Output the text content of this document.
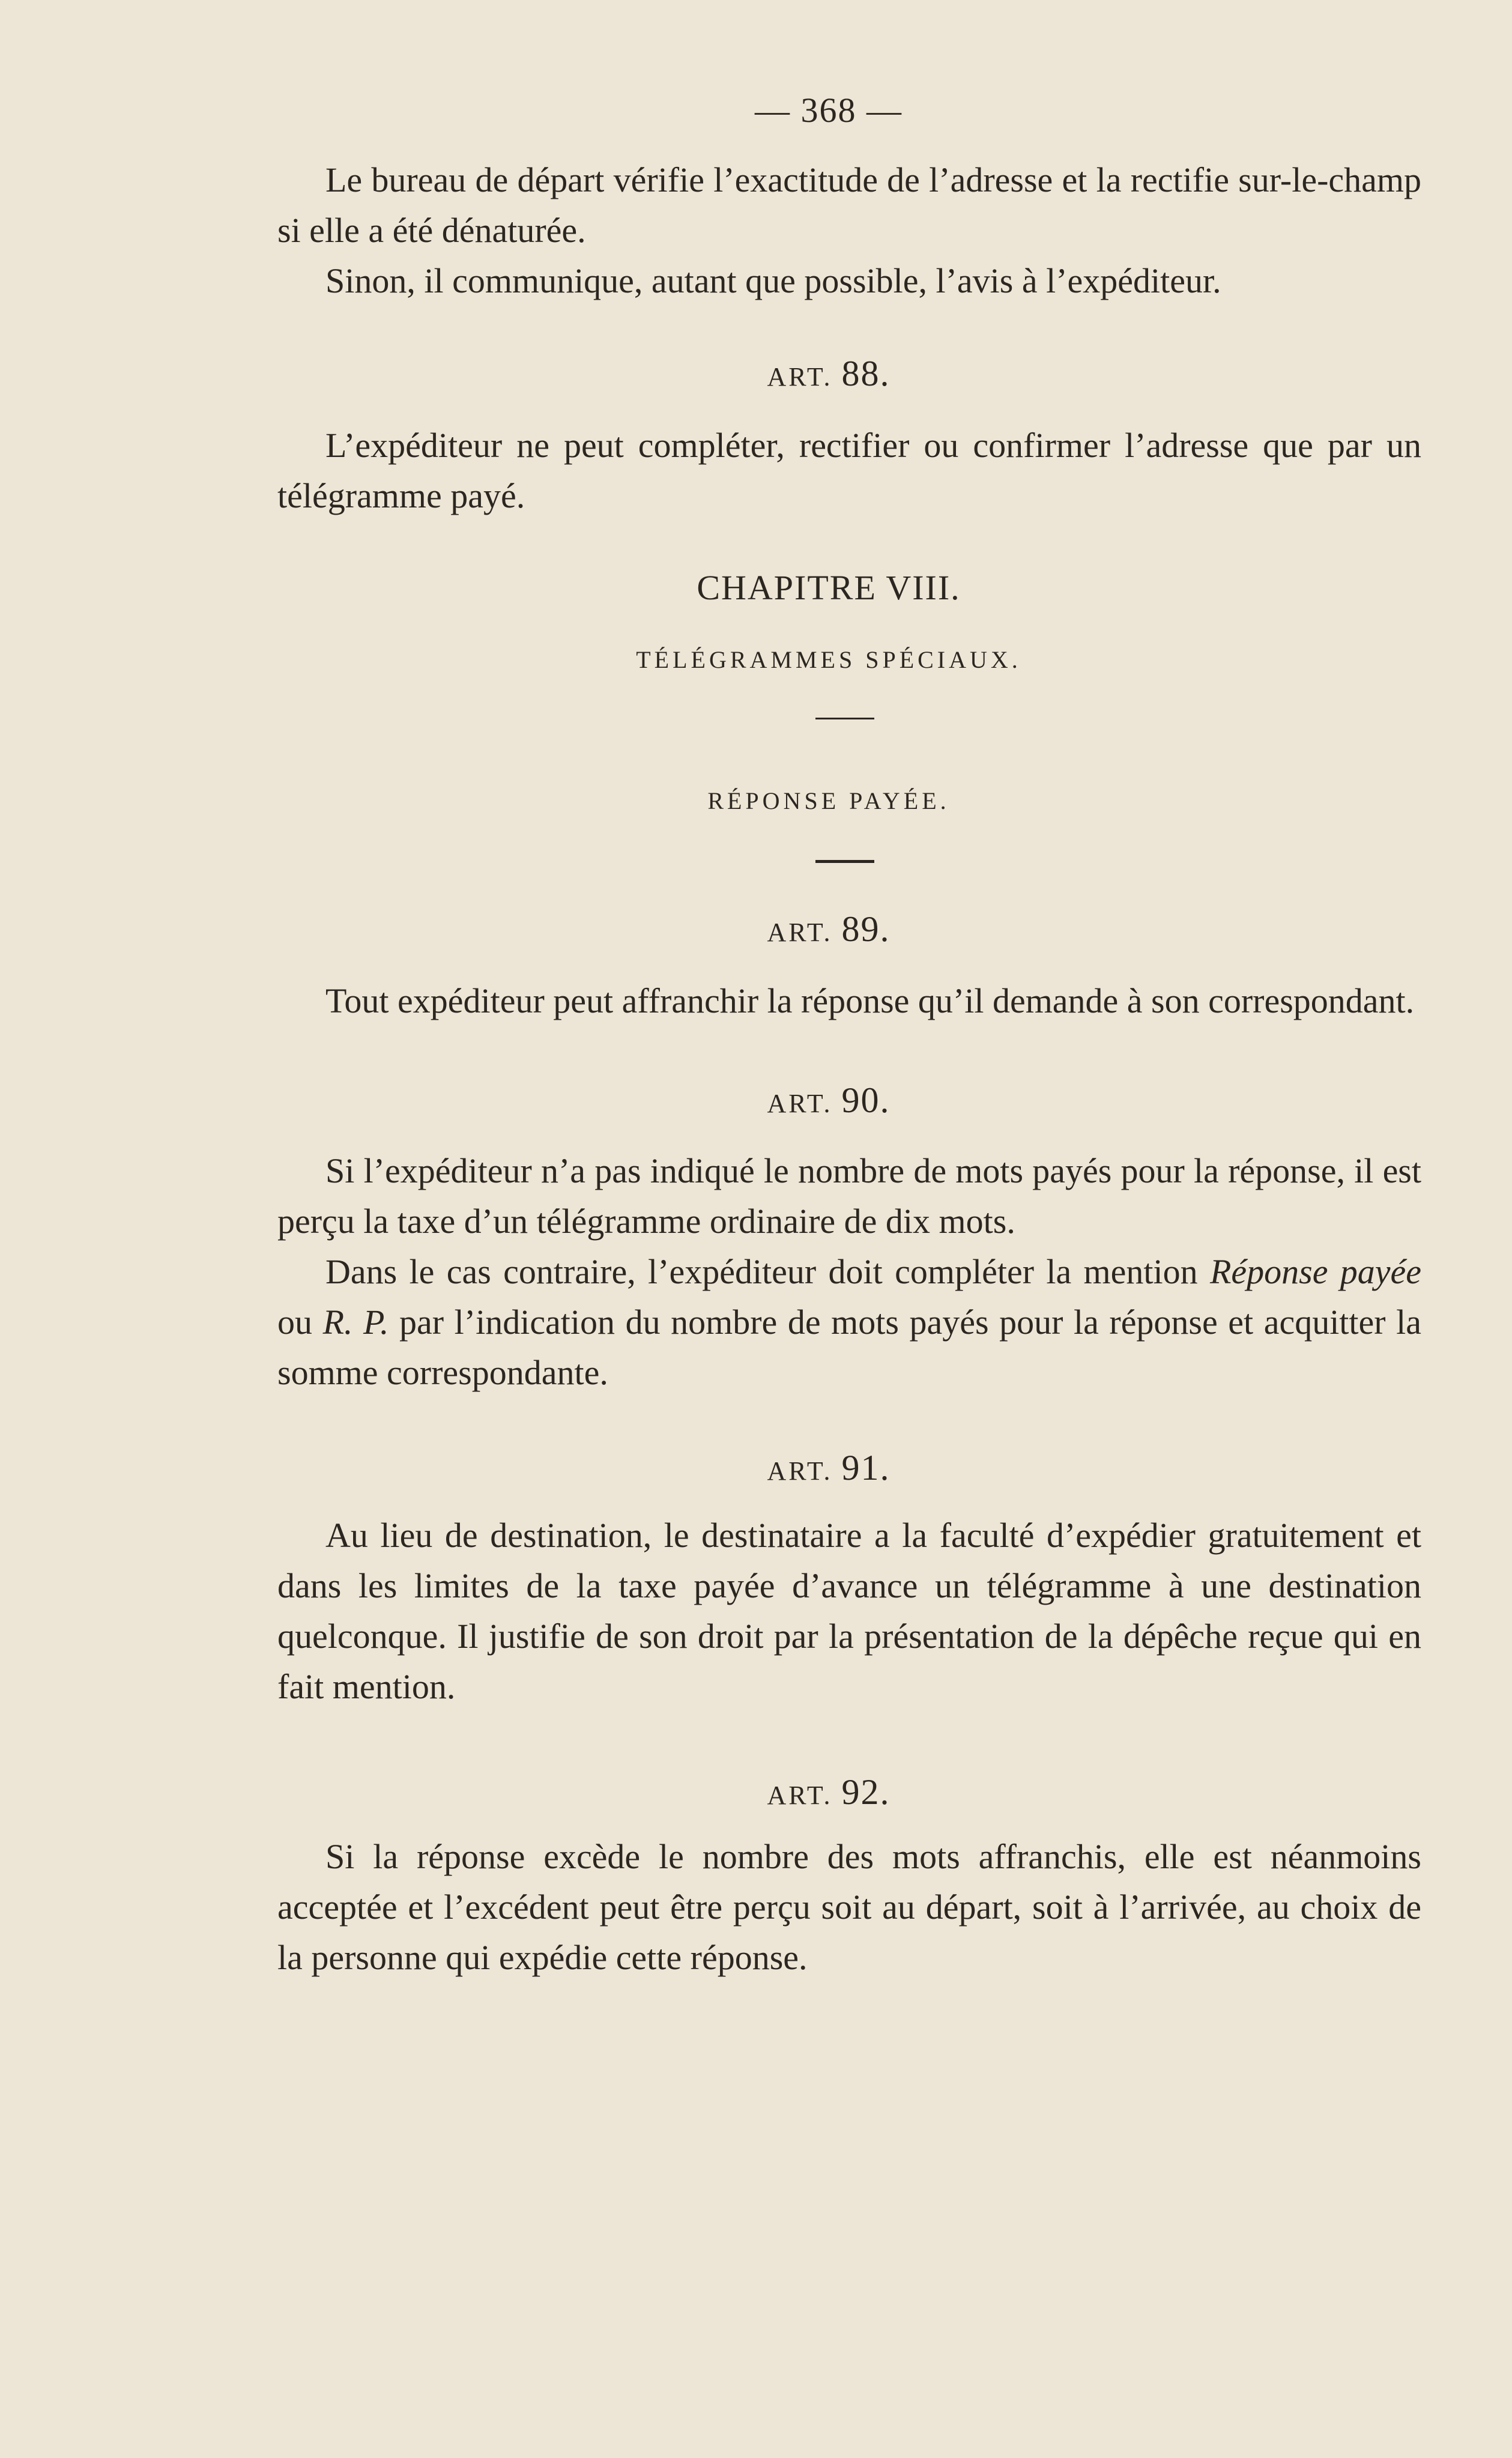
— 368 —

Le bureau de départ vérifie l’exactitude de l’adresse et la rectifie sur-le-champ si elle a été dénaturée.

Sinon, il communique, autant que possible, l’avis à l’expéditeur.

ART. 88.

L’expéditeur ne peut compléter, rectifier ou confirmer l’adresse que par un télégramme payé.

CHAPITRE VIII.
TÉLÉGRAMMES SPÉCIAUX.
RÉPONSE PAYÉE.
ART. 89.

Tout expéditeur peut affranchir la réponse qu’il demande à son correspondant.

ART. 90.

Si l’expéditeur n’a pas indiqué le nombre de mots payés pour la réponse, il est perçu la taxe d’un télégramme ordinaire de dix mots.

Dans le cas contraire, l’expéditeur doit compléter la mention Réponse payée ou R. P. par l’indication du nombre de mots payés pour la réponse et acquitter la somme correspondante.

ART. 91.

Au lieu de destination, le destinataire a la faculté d’expédier gratuitement et dans les limites de la taxe payée d’avance un télégramme à une destination quelconque. Il justifie de son droit par la présentation de la dépêche reçue qui en fait mention.

ART. 92.

Si la réponse excède le nombre des mots affranchis, elle est néanmoins acceptée et l’excédent peut être perçu soit au départ, soit à l’arrivée, au choix de la personne qui expédie cette réponse.
